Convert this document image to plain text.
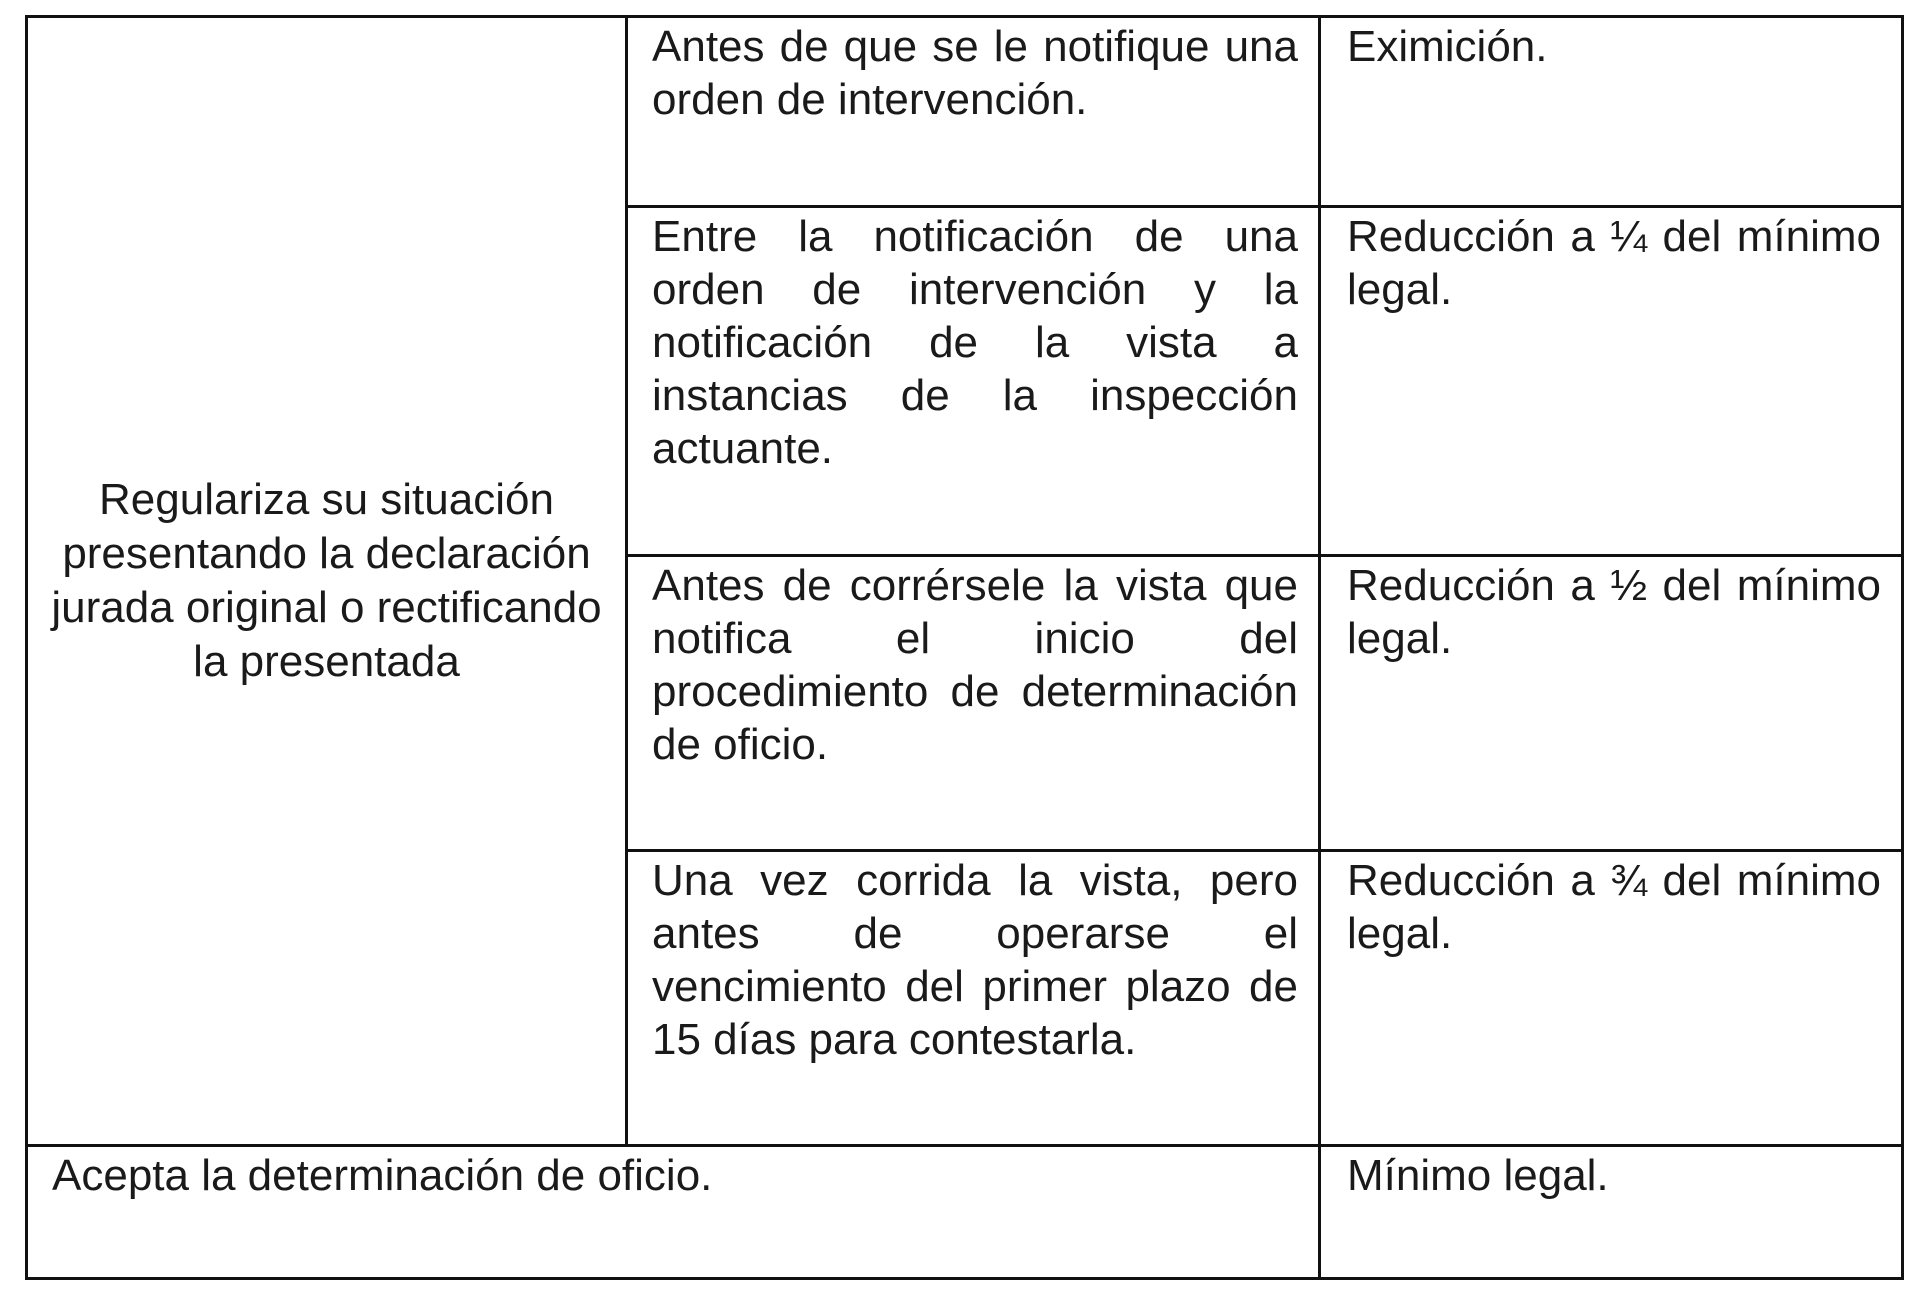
Regulariza su situación presentando la declaración jurada original o rectificando la presentada	Antes de que se le notifique una orden de intervención.	Eximición.

	Entre la notificación de una orden de intervención y la notificación de la vista a instancias de la inspección actuante.	Reducción a ¼ del mínimo legal.

	Antes de corrérsele la vista que notifica el inicio del procedimiento de determinación de oficio.	Reducción a ½ del mínimo legal.

	Una vez corrida la vista, pero antes de operarse el vencimiento del primer plazo de 15 días para contestarla.	Reducción a ¾ del mínimo legal.

Acepta la determinación de oficio.		Mínimo legal.
